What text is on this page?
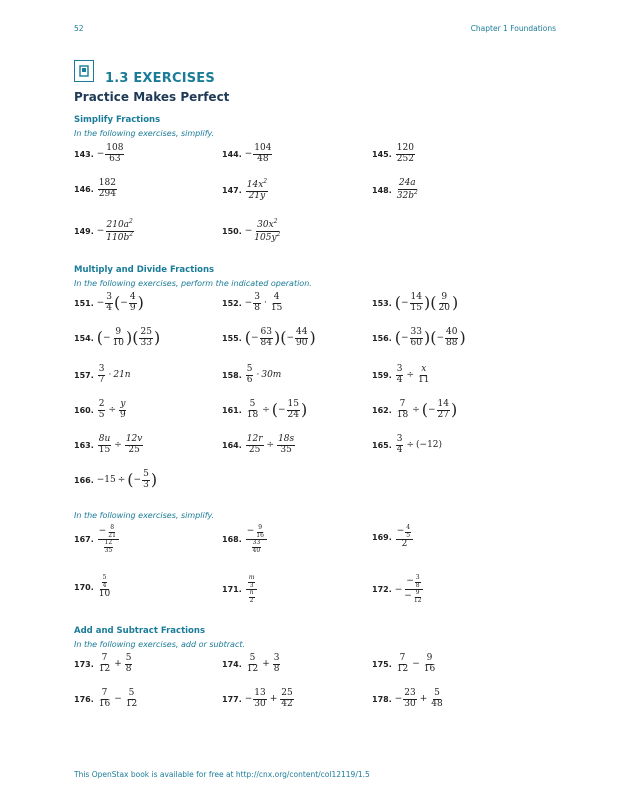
52	Chapter 1 Foundations
1.3 EXERCISES
Practice Makes Perfect
Simplify Fractions
In the following exercises, simplify.
143. − $\frac{108}{63}$	144. − $\frac{104}{48}$	145. $\frac{120}{252}$
146. $\frac{182}{294}$	147. $\frac{14x^2}{21y}$	148. $\frac{24a}{32b^2}$
149. − $\frac{210a^2}{110b^2}$	150. − $\frac{30x^2}{105y^2}$
Multiply and Divide Fractions
In the following exercises, perform the indicated operation.
151. − $\frac{3}{4}$ ( − $\frac{4}{9}$ )	152. − $\frac{3}{8} \cdot \frac{4}{15}$	153. ( − $\frac{14}{15}$ )( $\frac{9}{20}$ )
154. ( − $\frac{9}{10}$ )( $\frac{25}{33}$ )	155. ( − $\frac{63}{84}$ )( − $\frac{44}{90}$ )	156. ( − $\frac{33}{60}$ )( − $\frac{40}{88}$ )
157. $\frac{3}{7} \cdot 21n$	158. $\frac{5}{6} \cdot 30m$	159. $\frac{3}{4} \div \frac{x}{11}$
160. $\frac{2}{5} \div \frac{y}{9}$	161. $\frac{5}{18}$ ÷ ( − $\frac{15}{24}$ )	162. $\frac{7}{18}$ ÷ ( − $\frac{14}{27}$ )
163. $\frac{8u}{15} \div \frac{12v}{25}$	164. $\frac{12r}{25} \div \frac{18s}{35}$	165. $\frac{3}{4} \div (-12)$
166. −15 ÷ ( − $\frac{5}{3}$ )
In the following exercises, simplify.
167. $\frac{- \frac{8}{21}}{\frac{12}{35}}$	168. $\frac{- \frac{9}{16}}{\frac{33}{40}}$	169. $\frac{- \frac{4}{5}}{2}$
170. $\frac{\frac{5}{4}}{10}$	171. $\frac{\frac{m}{3}}{\frac{n}{2}}$	172. − $\frac{- \frac{3}{8}}{- \frac{9}{12}}$
Add and Subtract Fractions
In the following exercises, add or subtract.
173. $\frac{7}{12} + \frac{5}{8}$	174. $\frac{5}{12} + \frac{3}{8}$	175. $\frac{7}{12} - \frac{9}{16}$
176. $\frac{7}{16} - \frac{5}{12}$	177. − $\frac{13}{30} + \frac{25}{42}$	178. − $\frac{23}{30} + \frac{5}{48}$
This OpenStax book is available for free at http://cnx.org/content/col12119/1.5
